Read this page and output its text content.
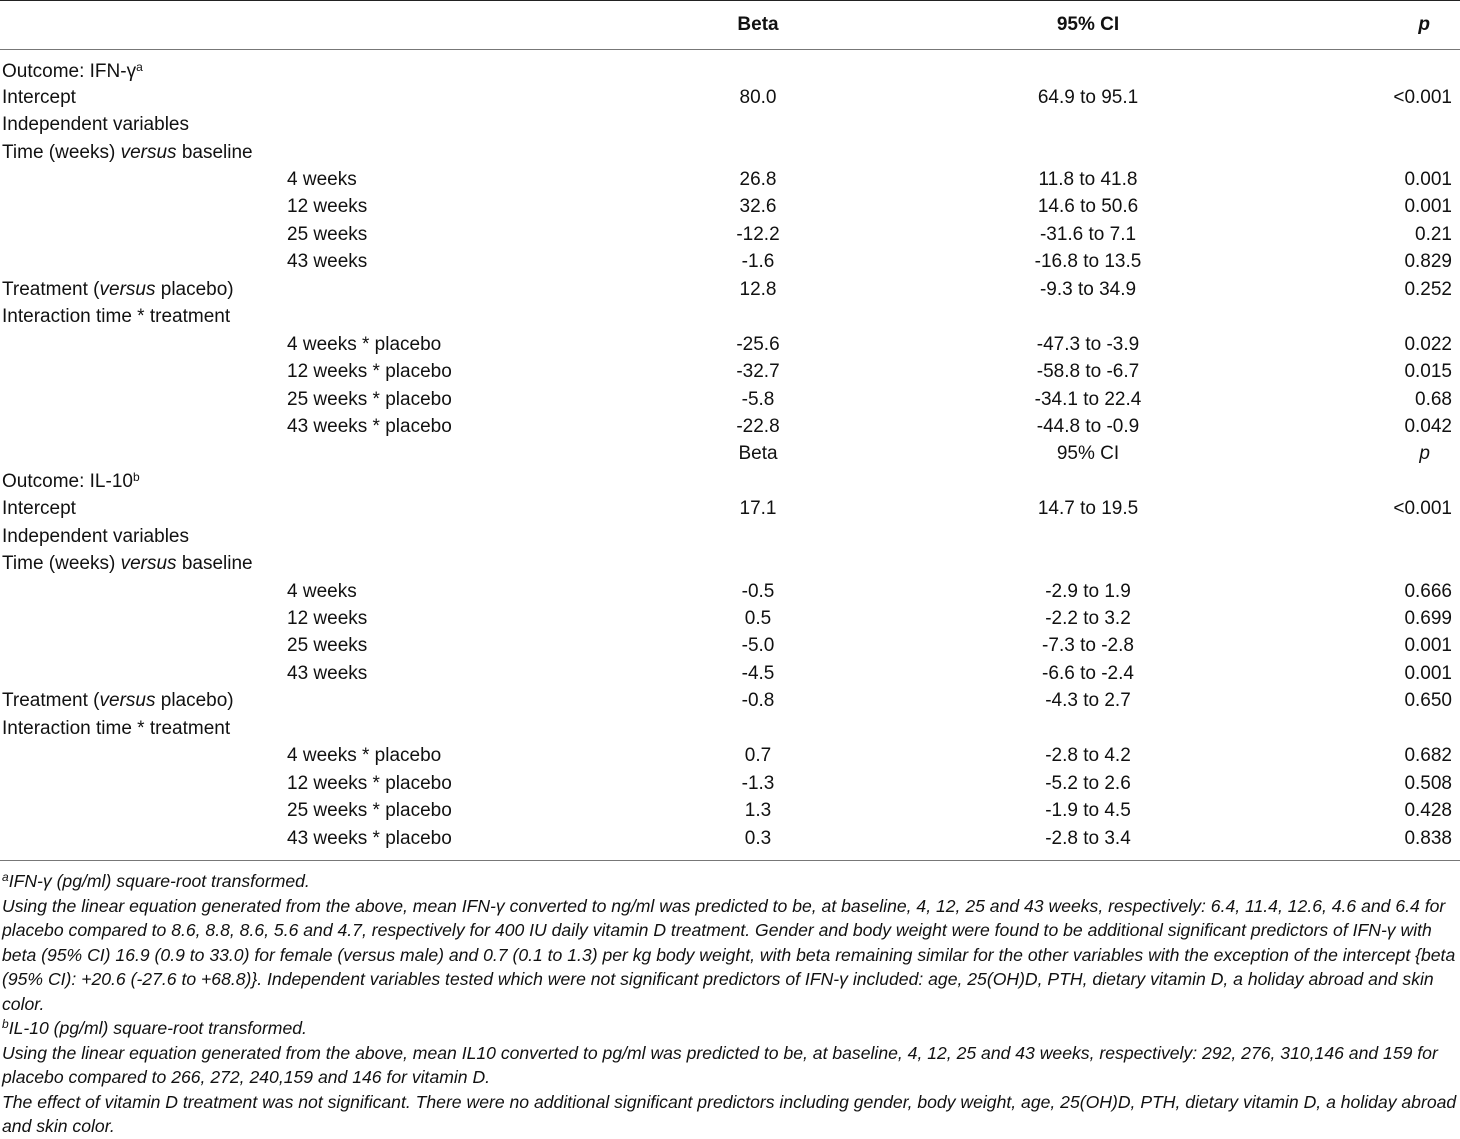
		Beta	95% CI	p
Outcome: IFN-$\gamma^a$			
Intercept		80.0	64.9 to 95.1	<0.001
Independent variables				
Time (weeks) versus baseline				
	4 weeks	26.8	11.8 to 41.8	0.001
	12 weeks	32.6	14.6 to 50.6	0.001
	25 weeks	-12.2	-31.6 to 7.1	0.21
	43 weeks	-1.6	-16.8 to 13.5	0.829
Treatment (versus placebo)		12.8	-9.3 to 34.9	0.252
Interaction time * treatment				
	4 weeks * placebo	-25.6	-47.3 to -3.9	0.022
	12 weeks * placebo	-32.7	-58.8 to -6.7	0.015
	25 weeks * placebo	-5.8	-34.1 to 22.4	0.68
	43 weeks * placebo	-22.8	-44.8 to -0.9	0.042
		Beta	95% CI	p
Outcome: IL-10$^b$			
Intercept		17.1	14.7 to 19.5	<0.001
Independent variables				
Time (weeks) versus baseline				
	4 weeks	-0.5	-2.9 to 1.9	0.666
	12 weeks	0.5	-2.2 to 3.2	0.699
	25 weeks	-5.0	-7.3 to -2.8	0.001
	43 weeks	-4.5	-6.6 to -2.4	0.001
Treatment (versus placebo)		-0.8	-4.3 to 2.7	0.650
Interaction time * treatment				
	4 weeks * placebo	0.7	-2.8 to 4.2	0.682
	12 weeks * placebo	-1.3	-5.2 to 2.6	0.508
	25 weeks * placebo	1.3	-1.9 to 4.5	0.428
	43 weeks * placebo	0.3	-2.8 to 3.4	0.838

$^a$IFN-γ (pg/ml) square-root transformed.

Using the linear equation generated from the above, mean IFN-γ converted to ng/ml was predicted to be, at baseline, 4, 12, 25 and 43 weeks, respectively: 6.4, 11.4, 12.6, 4.6 and 6.4 for placebo compared to 8.6, 8.8, 8.6, 5.6 and 4.7, respectively for 400 IU daily vitamin D treatment. Gender and body weight were found to be additional significant predictors of IFN-γ with beta (95% CI) 16.9 (0.9 to 33.0) for female (versus male) and 0.7 (0.1 to 1.3) per kg body weight, with beta remaining similar for the other variables with the exception of the intercept {beta (95% CI): +20.6 (-27.6 to +68.8)}. Independent variables tested which were not significant predictors of IFN-γ included: age, 25(OH)D, PTH, dietary vitamin D, a holiday abroad and skin color.

$^b$IL-10 (pg/ml) square-root transformed.

Using the linear equation generated from the above, mean IL10 converted to pg/ml was predicted to be, at baseline, 4, 12, 25 and 43 weeks, respectively: 292, 276, 310,146 and 159 for placebo compared to 266, 272, 240,159 and 146 for vitamin D.

The effect of vitamin D treatment was not significant. There were no additional significant predictors including gender, body weight, age, 25(OH)D, PTH, dietary vitamin D, a holiday abroad and skin color.
